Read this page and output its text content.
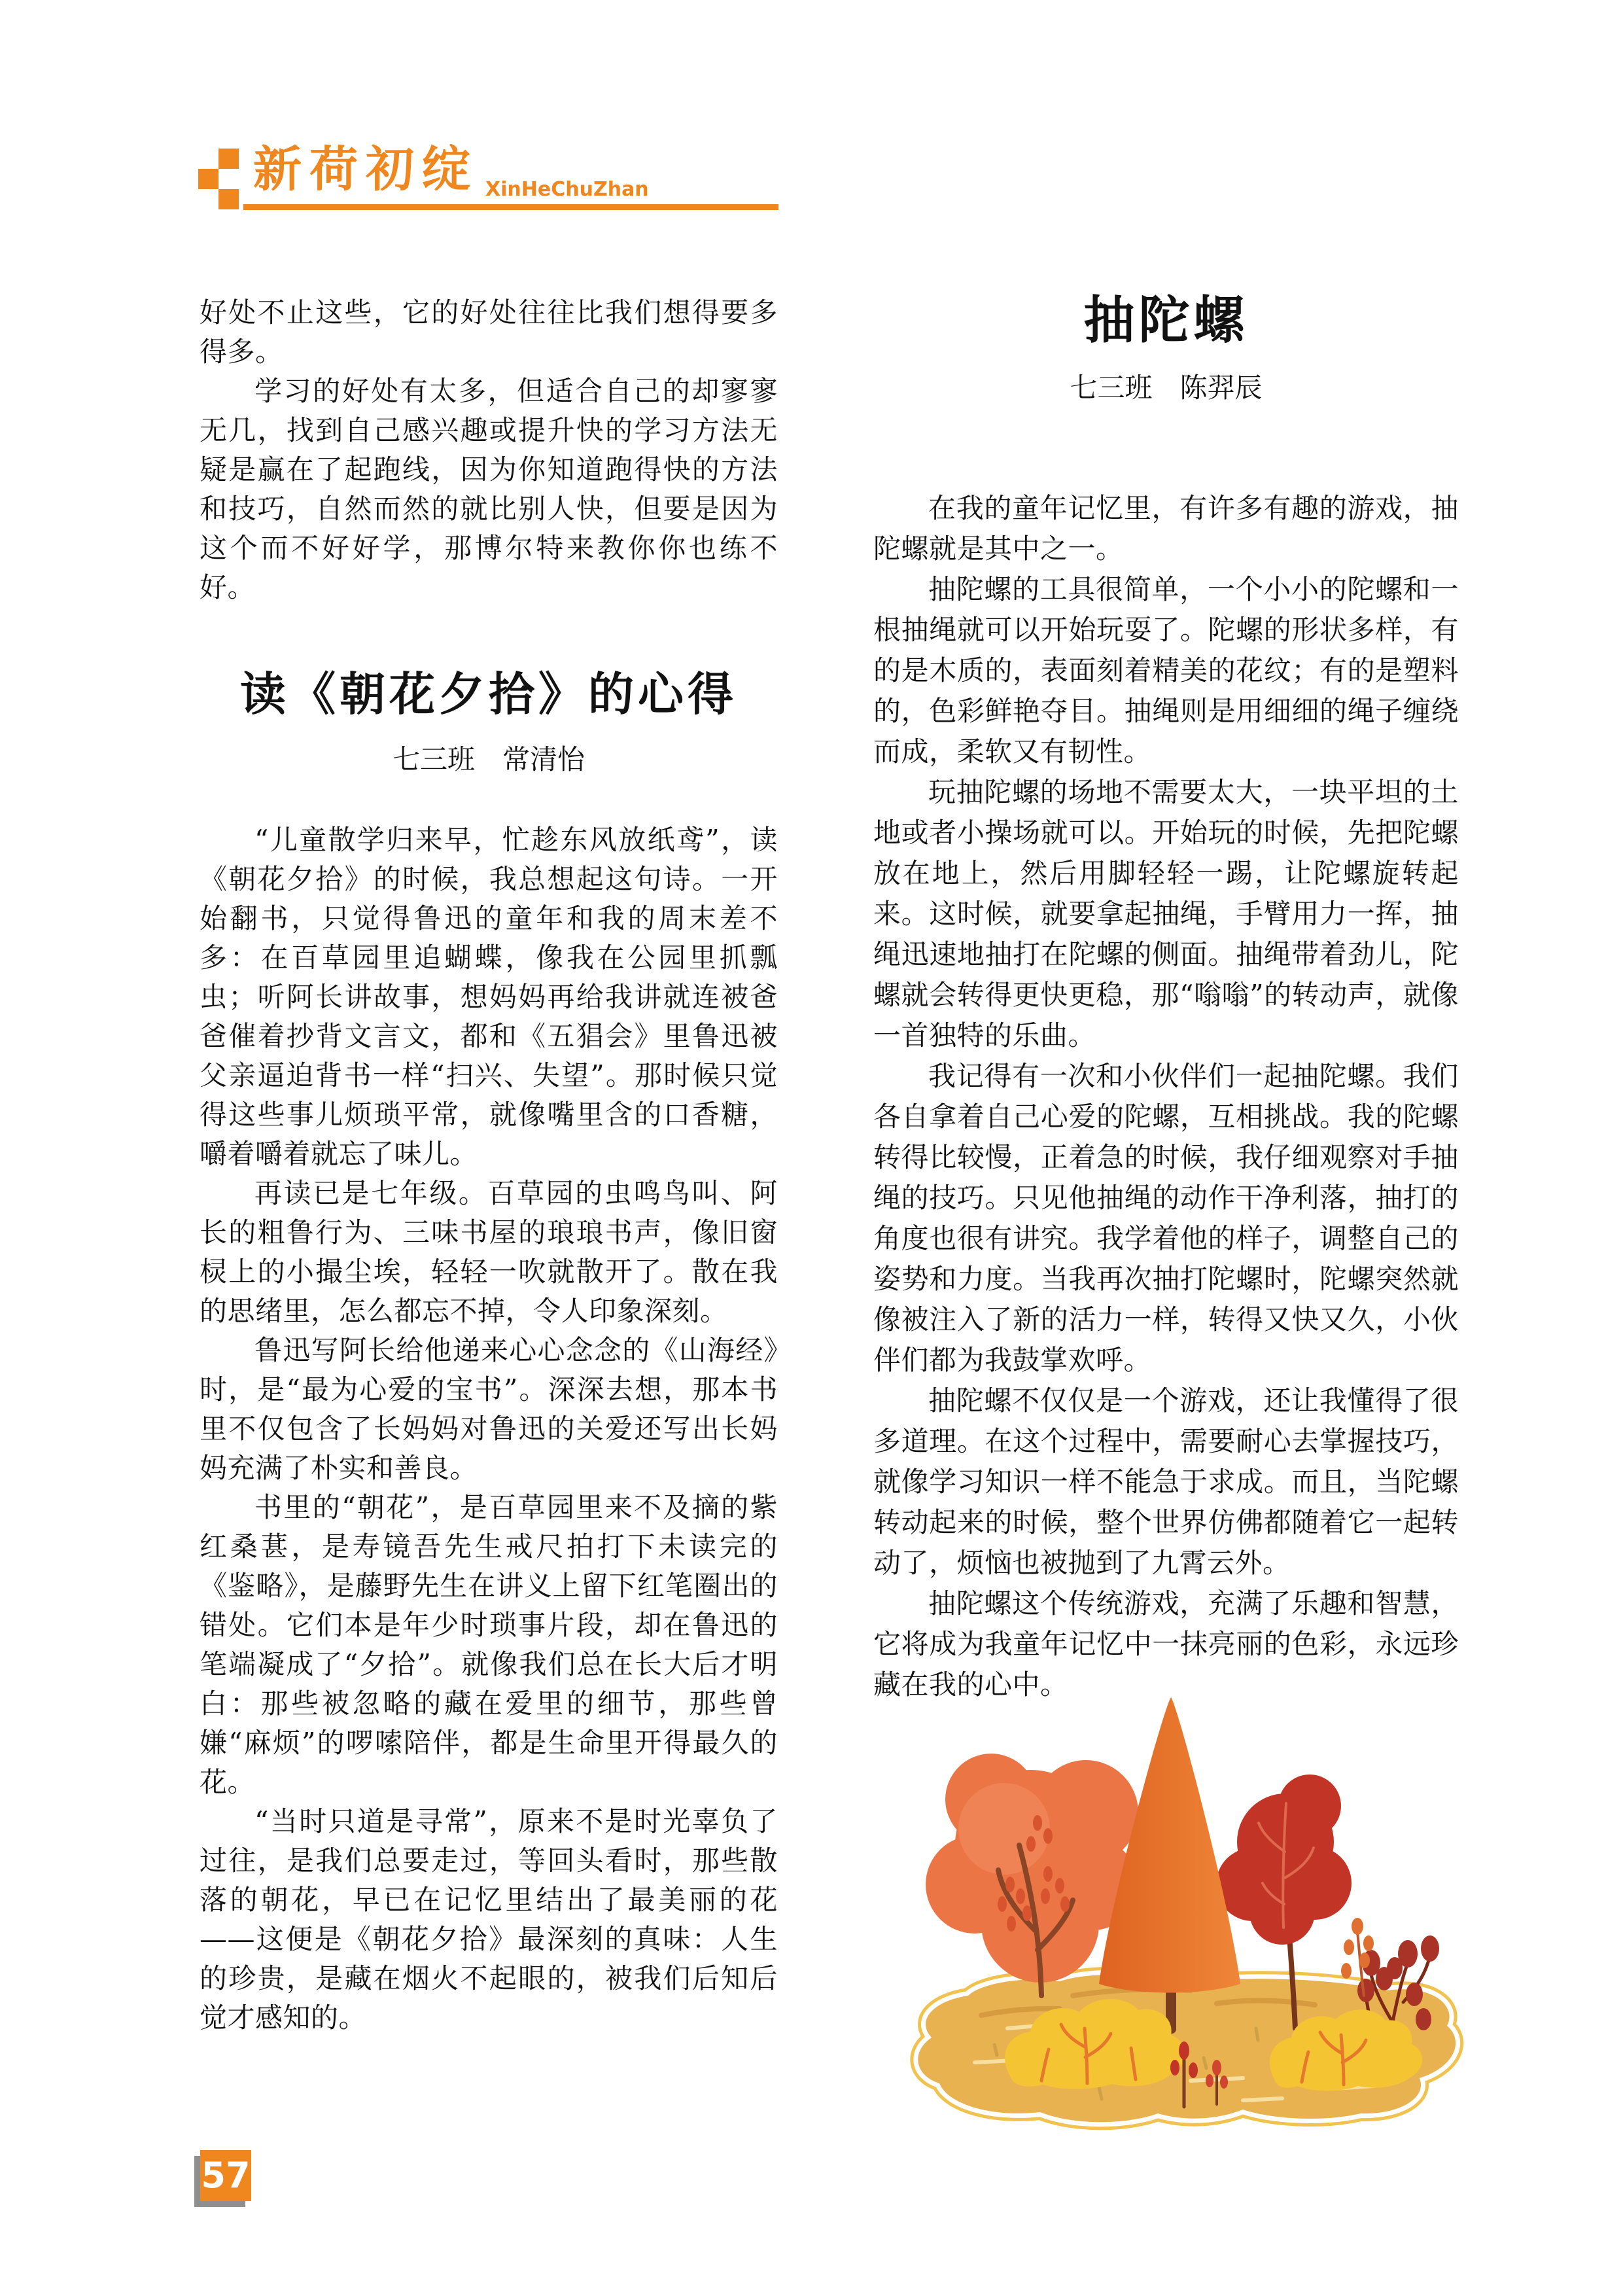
新荷初绽 XinHeChuZhan

好处不止这些，它的好处往往比我们想得要多得多。

学习的好处有太多，但适合自己的却寥寥无几，找到自己感兴趣或提升快的学习方法无疑是赢在了起跑线，因为你知道跑得快的方法和技巧，自然而然的就比别人快，但要是因为这个而不好好学，那博尔特来教你你也练不好。

读《朝花夕拾》的心得

七三班　常清怡

“儿童散学归来早，忙趁东风放纸鸢”，读《朝花夕拾》的时候，我总想起这句诗。一开始翻书，只觉得鲁迅的童年和我的周末差不多：在百草园里追蝴蝶，像我在公园里抓瓢虫；听阿长讲故事，想妈妈再给我讲就连被爸爸催着抄背文言文，都和《五猖会》里鲁迅被父亲逼迫背书一样“扫兴、失望”。那时候只觉得这些事儿烦琐平常，就像嘴里含的口香糖，嚼着嚼着就忘了味儿。

再读已是七年级。百草园的虫鸣鸟叫、阿长的粗鲁行为、三味书屋的琅琅书声，像旧窗棂上的小撮尘埃，轻轻一吹就散开了。散在我的思绪里，怎么都忘不掉，令人印象深刻。

鲁迅写阿长给他递来心心念念的《山海经》时，是“最为心爱的宝书”。深深去想，那本书里不仅包含了长妈妈对鲁迅的关爱还写出长妈妈充满了朴实和善良。

书里的“朝花”，是百草园里来不及摘的紫红桑葚，是寿镜吾先生戒尺拍打下未读完的《鉴略》，是藤野先生在讲义上留下红笔圈出的错处。它们本是年少时琐事片段，却在鲁迅的笔端凝成了“夕拾”。就像我们总在长大后才明白：那些被忽略的藏在爱里的细节，那些曾嫌“麻烦”的啰嗦陪伴，都是生命里开得最久的花。

“当时只道是寻常”，原来不是时光辜负了过往，是我们总要走过，等回头看时，那些散落的朝花，早已在记忆里结出了最美丽的花——这便是《朝花夕拾》最深刻的真味：人生的珍贵，是藏在烟火不起眼的，被我们后知后觉才感知的。

抽陀螺

七三班　陈羿辰

在我的童年记忆里，有许多有趣的游戏，抽陀螺就是其中之一。

抽陀螺的工具很简单，一个小小的陀螺和一根抽绳就可以开始玩耍了。陀螺的形状多样，有的是木质的，表面刻着精美的花纹；有的是塑料的，色彩鲜艳夺目。抽绳则是用细细的绳子缠绕而成，柔软又有韧性。

玩抽陀螺的场地不需要太大，一块平坦的土地或者小操场就可以。开始玩的时候，先把陀螺放在地上，然后用脚轻轻一踢，让陀螺旋转起来。这时候，就要拿起抽绳，手臂用力一挥，抽绳迅速地抽打在陀螺的侧面。抽绳带着劲儿，陀螺就会转得更快更稳，那“嗡嗡”的转动声，就像一首独特的乐曲。

我记得有一次和小伙伴们一起抽陀螺。我们各自拿着自己心爱的陀螺，互相挑战。我的陀螺转得比较慢，正着急的时候，我仔细观察对手抽绳的技巧。只见他抽绳的动作干净利落，抽打的角度也很有讲究。我学着他的样子，调整自己的姿势和力度。当我再次抽打陀螺时，陀螺突然就像被注入了新的活力一样，转得又快又久，小伙伴们都为我鼓掌欢呼。

抽陀螺不仅仅是一个游戏，还让我懂得了很多道理。在这个过程中，需要耐心去掌握技巧，就像学习知识一样不能急于求成。而且，当陀螺转动起来的时候，整个世界仿佛都随着它一起转动了，烦恼也被抛到了九霄云外。

抽陀螺这个传统游戏，充满了乐趣和智慧，它将成为我童年记忆中一抹亮丽的色彩，永远珍藏在我的心中。

57
